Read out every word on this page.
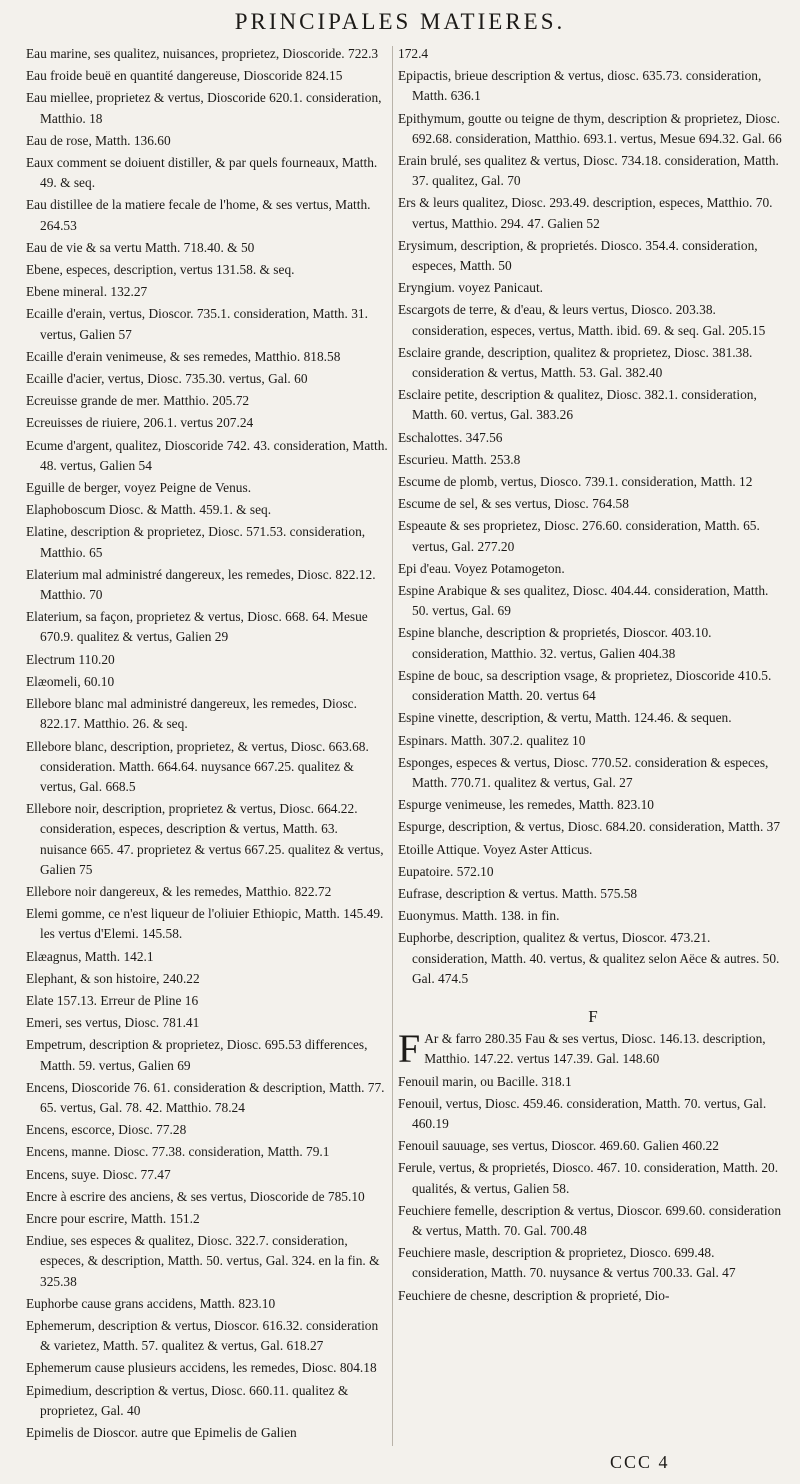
PRINCIPALES MATIERES.
Eau marine, ses qualitez, nuisances, proprietez, Dioscoride. 722.3
Eau froide beuë en quantité dangereuse, Dioscoride 824.15
Eau miellee, proprietez & vertus, Dioscoride 620.1. consideration, Matthio. 18
Eau de rose, Matth. 136.60
Eaux comment se doiuent distiller, & par quels fourneaux, Matth. 49. & seq.
Eau distillee de la matiere fecale de l'home, & ses vertus, Matth. 264.53
Eau de vie & sa vertu Matth. 718.40. & 50
Ebene, especes, description, vertus 131.58. & seq.
Ebene mineral. 132.27
Ecaille d'erain, vertus, Dioscor. 735.1. consideration, Matth. 31. vertus, Galien 57
Ecaille d'erain venimeuse, & ses remedes, Matthio. 818.58
Ecaille d'acier, vertus, Diosc. 735.30. vertus, Gal. 60
Ecreuisse grande de mer. Matthio. 205.72
Ecreuisses de riuiere, 206.1. vertus 207.24
Ecume d'argent, qualitez, Dioscoride 742. 43. consideration, Matth. 48. vertus, Galien 54
Eguille de berger, voyez Peigne de Venus.
Elaphoboscum Diosc. & Matth. 459.1. & seq.
Elatine, description & proprietez, Diosc. 571.53. consideration, Matthio. 65
Elaterium mal administré dangereux, les remedes, Diosc. 822.12. Matthio. 70
Elaterium, sa façon, proprietez & vertus, Diosc. 668. 64. Mesue 670.9. qualitez & vertus, Galien 29
Electrum 110.20
Elæomeli, 60.10
Ellebore blanc mal administré dangereux, les remedes, Diosc. 822.17. Matthio. 26. & seq.
Ellebore blanc, description, proprietez, & vertus, Diosc. 663.68. consideration. Matth. 664.64. nuysance 667.25. qualitez & vertus, Gal. 668.5
Ellebore noir, description, proprietez & vertus, Diosc. 664.22. consideration, especes, description & vertus, Matth. 63. nuisance 665. 47. proprietez & vertus 667.25. qualitez & vertus, Galien 75
Ellebore noir dangereux, & les remedes, Matthio. 822.72
Elemi gomme, ce n'est liqueur de l'oliuier Ethiopic, Matth. 145.49. les vertus d'Elemi. 145.58.
Elæagnus, Matth. 142.1
Elephant, & son histoire, 240.22
Elate 157.13. Erreur de Pline 16
Emeri, ses vertus, Diosc. 781.41
Empetrum, description & proprietez, Diosc. 695.53 differences, Matth. 59. vertus, Galien 69
Encens, Dioscoride 76. 61. consideration & description, Matth. 77. 65. vertus, Gal. 78. 42. Matthio. 78.24
Encens, escorce, Diosc. 77.28
Encens, manne. Diosc. 77.38. consideration, Matth. 79.1
Encens, suye. Diosc. 77.47
Encre à escrire des anciens, & ses vertus, Dioscoride de 785.10
Encre pour escrire, Matth. 151.2
Endiue, ses especes & qualitez, Diosc. 322.7. consideration, especes, & description, Matth. 50. vertus, Gal. 324. en la fin. & 325.38
Euphorbe cause grans accidens, Matth. 823.10
Ephemerum, description & vertus, Dioscor. 616.32. consideration & varietez, Matth. 57. qualitez & vertus, Gal. 618.27
Ephemerum cause plusieurs accidens, les remedes, Diosc. 804.18
Epimedium, description & vertus, Diosc. 660.11. qualitez & proprietez, Gal. 40
Epimelis de Dioscor. autre que Epimelis de Galien
172.4
Epipactis, brieue description & vertus, diosc. 635.73. consideration, Matth. 636.1
Epithymum, goutte ou teigne de thym, description & proprietez, Diosc. 692.68. consideration, Matthio. 693.1. vertus, Mesue 694.32. Gal. 66
Erain brulé, ses qualitez & vertus, Diosc. 734.18. consideration, Matth. 37. qualitez, Gal. 70
Ers & leurs qualitez, Diosc. 293.49. description, especes, Matthio. 70. vertus, Matthio. 294. 47. Galien 52
Erysimum, description, & proprietés. Diosco. 354.4. consideration, especes, Matth. 50
Eryngium. voyez Panicaut.
Escargots de terre, & d'eau, & leurs vertus, Diosco. 203.38. consideration, especes, vertus, Matth. ibid. 69. & seq. Gal. 205.15
Esclaire grande, description, qualitez & proprietez, Diosc. 381.38. consideration & vertus, Matth. 53. Gal. 382.40
Esclaire petite, description & qualitez, Diosc. 382.1. consideration, Matth. 60. vertus, Gal. 383.26
Eschalottes. 347.56
Escurieu. Matth. 253.8
Escume de plomb, vertus, Diosco. 739.1. consideration, Matth. 12
Escume de sel, & ses vertus, Diosc. 764.58
Espeaute & ses proprietez, Diosc. 276.60. consideration, Matth. 65. vertus, Gal. 277.20
Epi d'eau. Voyez Potamogeton.
Espine Arabique & ses qualitez, Diosc. 404.44. consideration, Matth. 50. vertus, Gal. 69
Espine blanche, description & proprietés, Dioscor. 403.10. consideration, Matthio. 32. vertus, Galien 404.38
Espine de bouc, sa description vsage, & proprietez, Dioscoride 410.5. consideration Matth. 20. vertus 64
Espine vinette, description, & vertu, Matth. 124.46. & sequen.
Espinars. Matth. 307.2. qualitez 10
Esponges, especes & vertus, Diosc. 770.52. consideration & especes, Matth. 770.71. qualitez & vertus, Gal. 27
Espurge venimeuse, les remedes, Matth. 823.10
Espurge, description, & vertus, Diosc. 684.20. consideration, Matth. 37
Etoille Attique. Voyez Aster Atticus.
Eupatoire. 572.10
Eufrase, description & vertus. Matth. 575.58
Euonymus. Matth. 138. in fin.
Euphorbe, description, qualitez & vertus, Dioscor. 473.21. consideration, Matth. 40. vertus, & qualitez selon Aëce & autres. 50. Gal. 474.5
F
F Ar & farro 280.35 Fau & ses vertus, Diosc. 146.13. description, Matthio. 147.22. vertus 147.39. Gal. 148.60
Fenouil marin, ou Bacille. 318.1
Fenouil, vertus, Diosc. 459.46. consideration, Matth. 70. vertus, Gal. 460.19
Fenouil sauuage, ses vertus, Dioscor. 469.60. Galien 460.22
Ferule, vertus, & proprietés, Diosco. 467. 10. consideration, Matth. 20. qualités, & vertus, Galien 58.
Feuchiere femelle, description & vertus, Dioscor. 699.60. consideration & vertus, Matth. 70. Gal. 700.48
Feuchiere masle, description & proprietez, Diosco. 699.48. consideration, Matth. 70. nuysance & vertus 700.33. Gal. 47
Feuchiere de chesne, description & proprieté, Dio-
CCC 4
